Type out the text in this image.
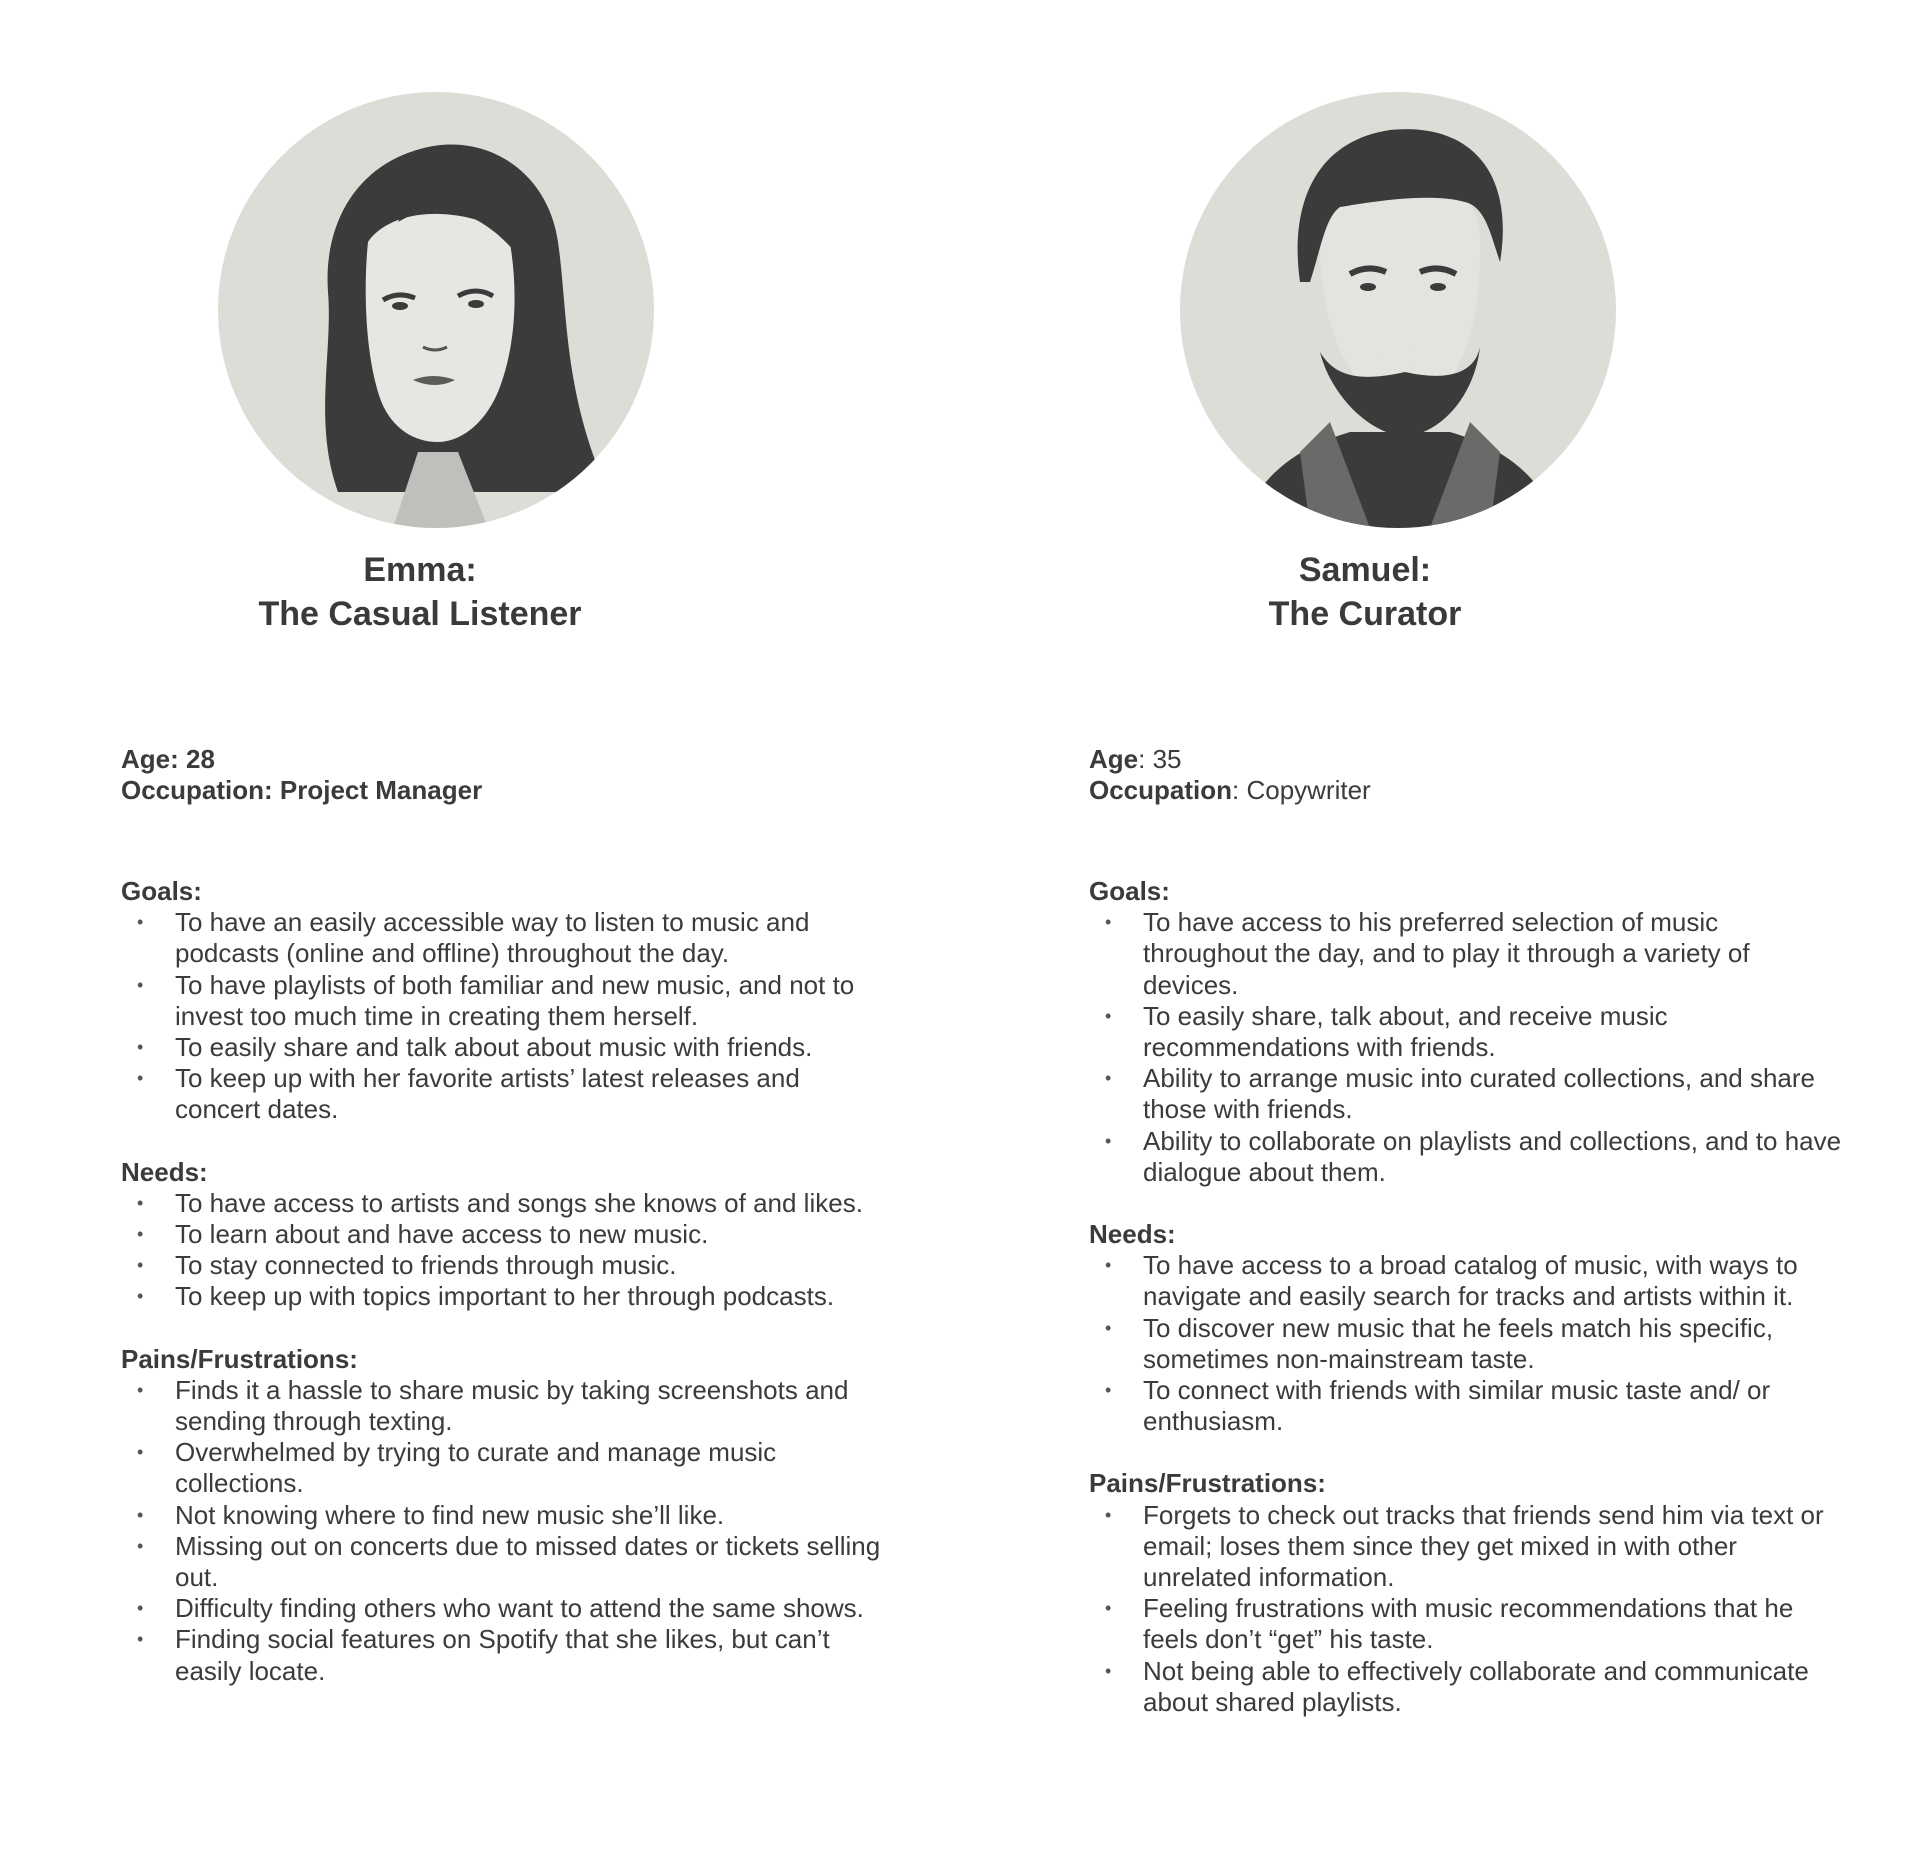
Emma:
The Casual Listener
Age: 28
Occupation: Project Manager
Goals:
• To have an easily accessible way to listen to music and podcasts (online and offline) throughout the day.
• To have playlists of both familiar and new music, and not to invest too much time in creating them herself.
• To easily share and talk about about music with friends.
• To keep up with her favorite artists’ latest releases and concert dates.
Needs:
• To have access to artists and songs she knows of and likes.
• To learn about and have access to new music.
• To stay connected to friends through music.
• To keep up with topics important to her through podcasts.
Pains/Frustrations:
• Finds it a hassle to share music by taking screenshots and sending through texting.
• Overwhelmed by trying to curate and manage music collections.
• Not knowing where to find new music she’ll like.
• Missing out on concerts due to missed dates or tickets selling out.
• Difficulty finding others who want to attend the same shows.
• Finding social features on Spotify that she likes, but can’t easily locate.
Samuel:
The Curator
Age: 35
Occupation: Copywriter
Goals:
• To have access to his preferred selection of music throughout the day, and to play it through a variety of devices.
• To easily share, talk about, and receive music recommendations with friends.
• Ability to arrange music into curated collections, and share those with friends.
• Ability to collaborate on playlists and collections, and to have dialogue about them.
Needs:
• To have access to a broad catalog of music, with ways to navigate and easily search for tracks and artists within it.
• To discover new music that he feels match his specific, sometimes non-mainstream taste.
• To connect with friends with similar music taste and/ or enthusiasm.
Pains/Frustrations:
• Forgets to check out tracks that friends send him via text or email; loses them since they get mixed in with other unrelated information.
• Feeling frustrations with music recommendations that he feels don’t “get” his taste.
• Not being able to effectively collaborate and communicate about shared playlists.
